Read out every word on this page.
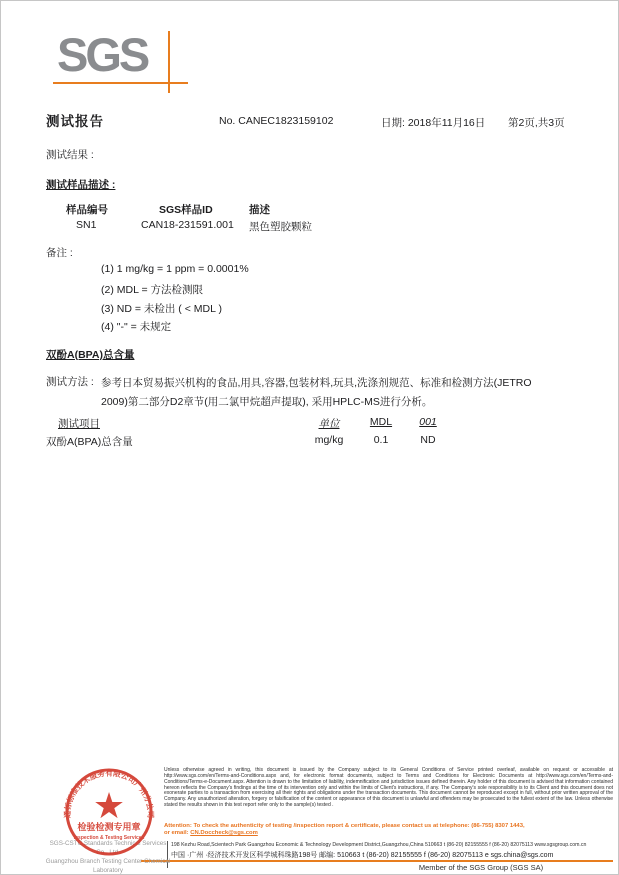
SGS
测试报告	No. CANEC1823159102	日期: 2018年11月16日 第2页,共3页
测试结果 :
测试样品描述 :
样品编号	SGS样品ID	描述
SN1	CAN18-231591.001 黑色塑胶颗粒
备注 :
(1) 1 mg/kg = 1 ppm = 0.0001%
(2) MDL = 方法检测限
(3) ND = 未检出 ( < MDL )
(4) "-" = 未规定
双酚A(BPA)总含量
测试方法 : 参考日本贸易振兴机构的食品,用具,容器,包装材料,玩具,洗涤剂规范、标准和检测方法(JETRO 2009)第二部分D2章节(用二氯甲烷超声提取), 采用HPLC-MS进行分析。
测试项目	单位	MDL	001
双酚A(BPA)总含量	mg/kg	0.1	ND
Unless otherwise agreed in writing, this document is issued by the Company subject to its General Conditions of Service printed overleaf, available on request or accessible at http://www.sgs.com/en/Terms-and-Conditions.aspx and, for electronic format documents, subject to Terms and Conditions for Electronic Documents at http://www.sgs.com/en/Terms-and-Conditions/Terms-e-Document.aspx. Attention is drawn to the limitation of liability, indemnification and jurisdiction issues defined therein. Any holder of this document is advised that information contained hereon reflects the Company's findings at the time of its intervention only and within the limits of Client's instructions, if any. The Company's sole responsibility is to its Client and this document does not exonerate parties to a transaction from exercising all their rights and obligations under the transaction documents. This document cannot be reproduced except in full, without prior written approval of the Company. Any unauthorized alteration, forgery or falsification of the content or appearance of this document is unlawful and offenders may be prosecuted to the fullest extent of the law. Unless otherwise stated the results shown in this test report refer only to the sample(s) tested .
Attention: To check the authenticity of testing /inspection report & certificate, please contact us at telephone: (86-755) 8307 1443,
or email: CN.Doccheck@sgs.com
198 Kezhu Road,Scientech Park Guangzhou Economic & Technology Development District,Guangzhou,China 510663 t (86-20) 82155555 f (86-20) 82075113 www.sgsgroup.com.cn
中国 ·广州 ·经济技术开发区科学城科珠路198号 邮编: 510663 t (86-20) 82155555 f (86-20) 82075113 e sgs.china@sgs.com
Member of the SGS Group (SGS SA)
SGS-CSTC Standards Technical Services Co., Ltd.
Guangzhou Branch Testing Center Chemical Laboratory
通标标准技术服务有限公司广州分公司
★
检验检测专用章
Inspection & Testing Services
